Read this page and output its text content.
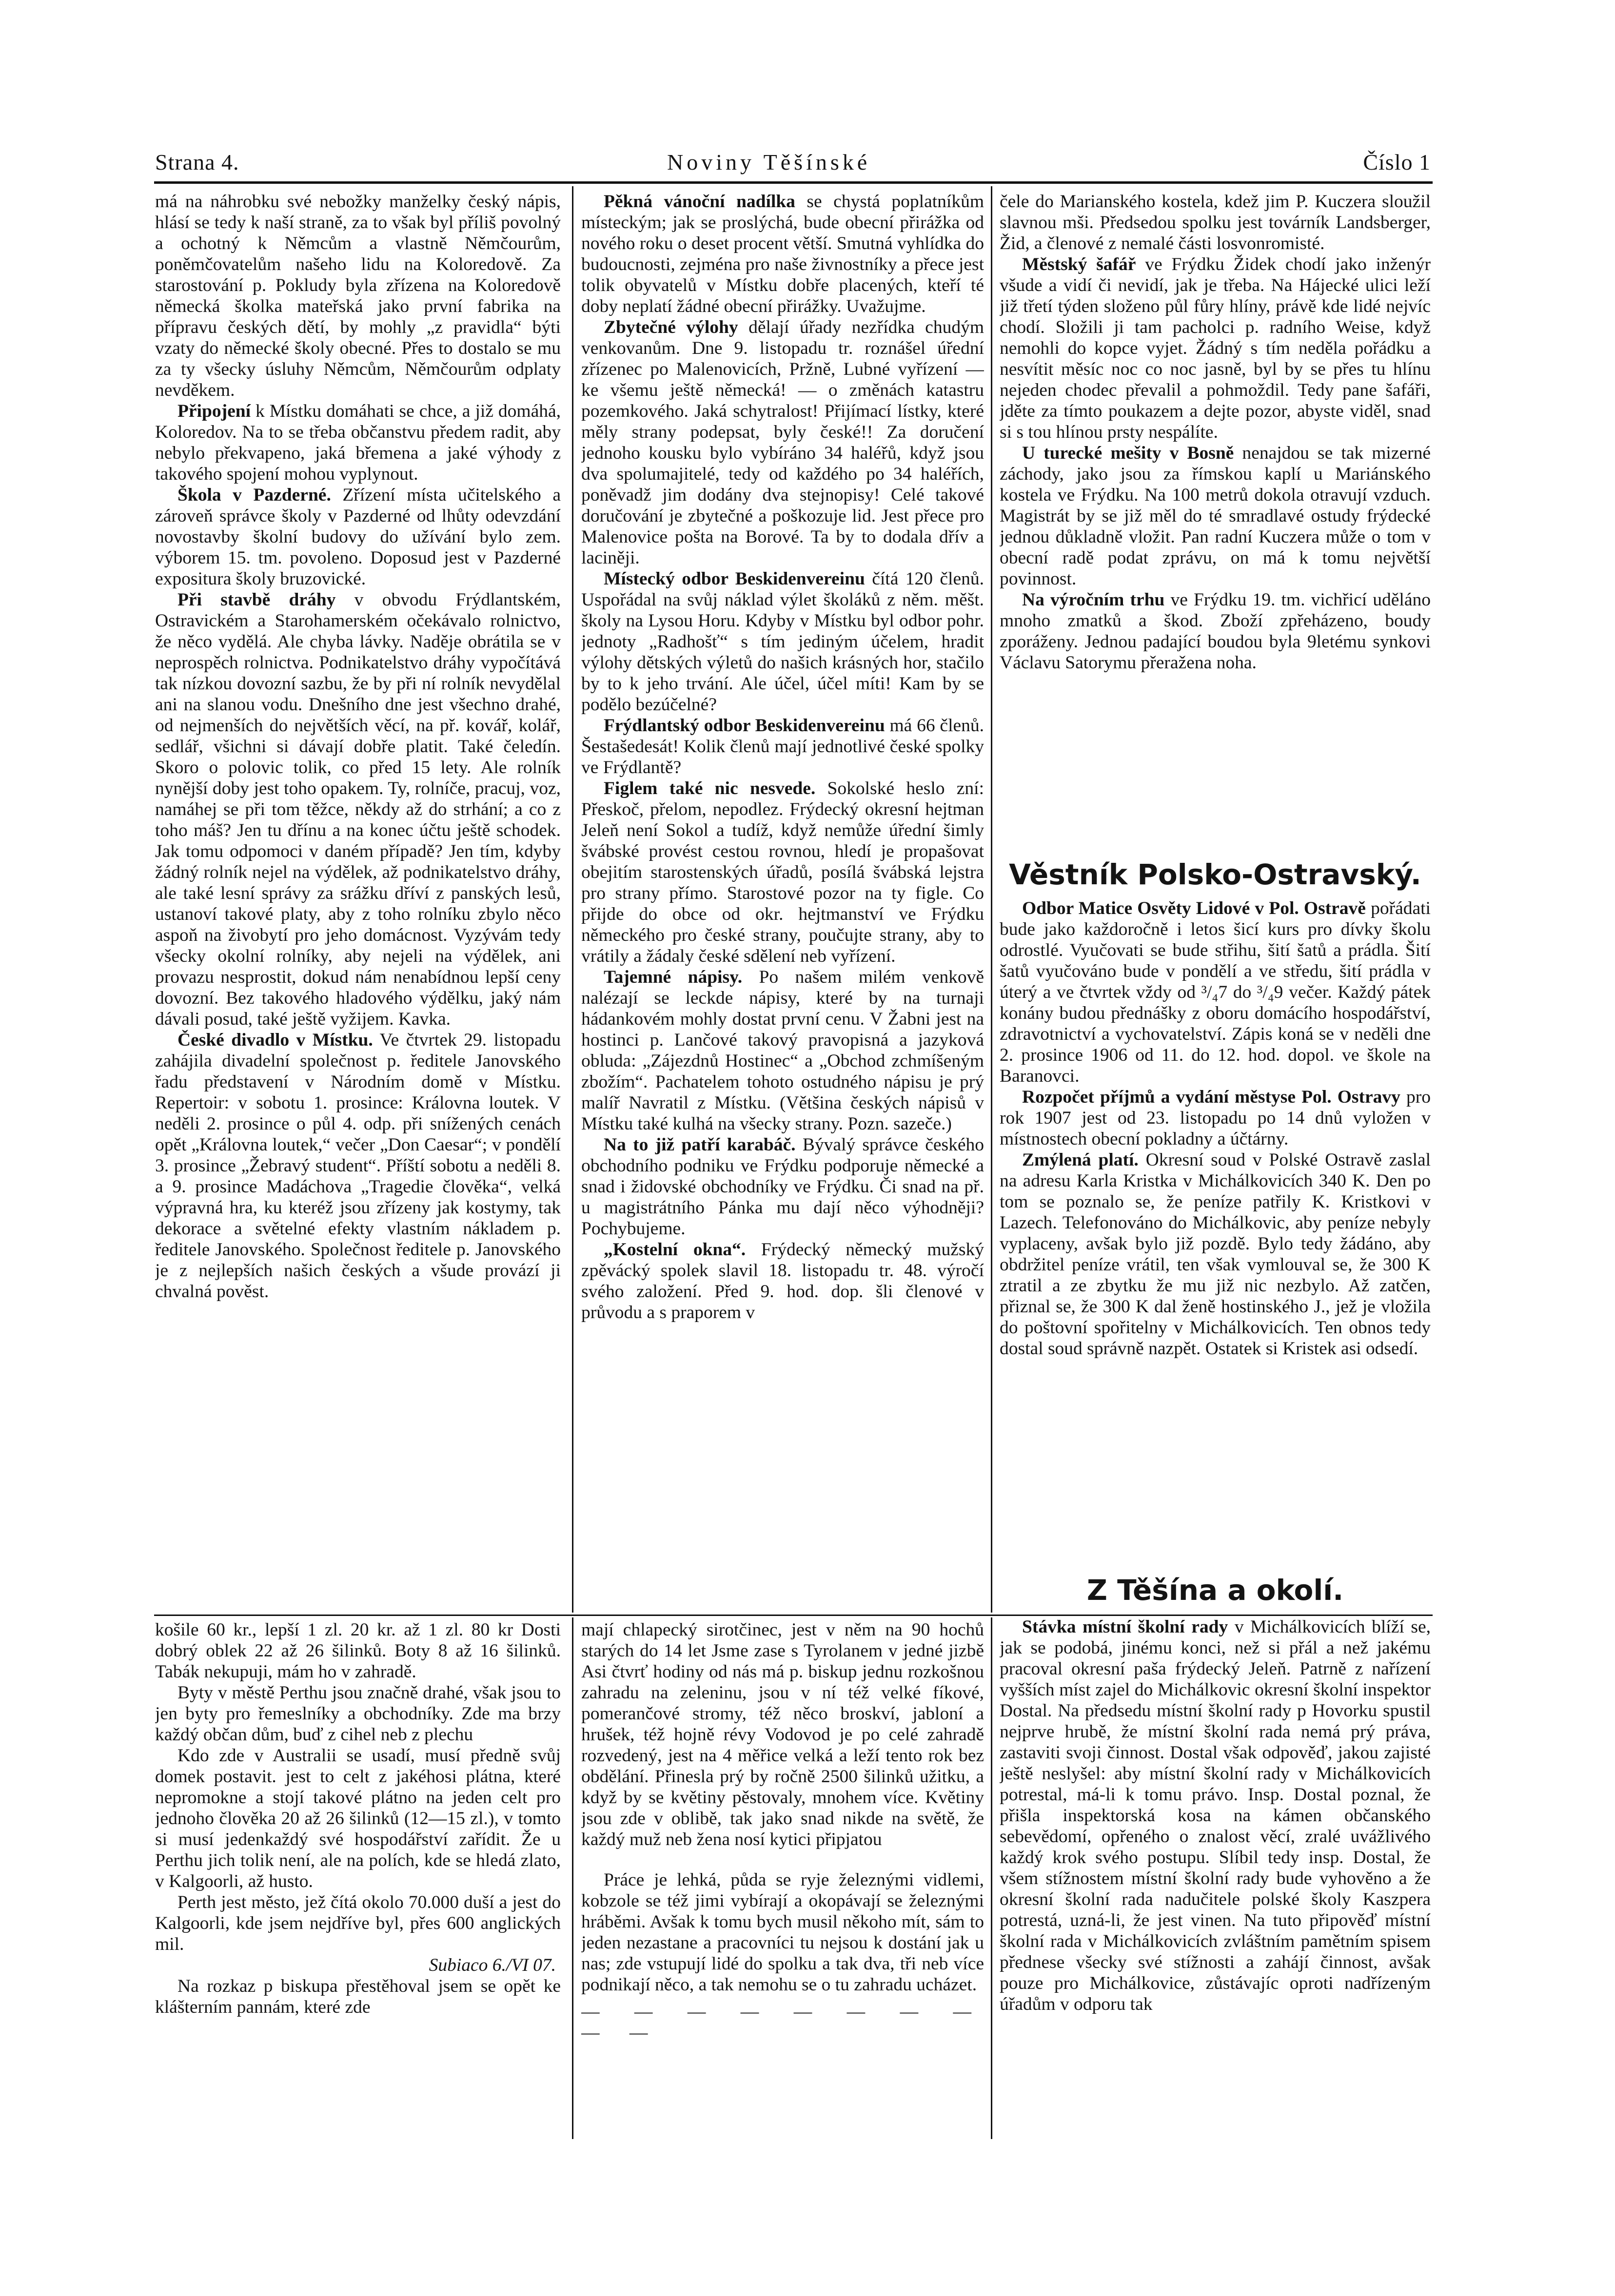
Strana 4.	Noviny Těšínské	Číslo 1

má na náhrobku své nebožky manželky český nápis, hlásí se tedy k naší straně, za to však byl příliš povolný a ochotný k Němcům a vlastně Němčourům, poněmčovatelům našeho lidu na Koloredově. Za starostování p. Pokludy byla zřízena na Koloredově německá školka mateřská jako první fabrika na přípravu českých dětí, by mohly „z pravidla“ býti vzaty do německé školy obecné. Přes to dostalo se mu za ty všecky úsluhy Němcům, Němčourům odplaty nevděkem.

Připojení k Místku domáhati se chce, a již domáhá, Koloredov. Na to se třeba občanstvu předem radit, aby nebylo překvapeno, jaká břemena a jaké výhody z takového spojení mohou vyplynout.

Škola v Pazderné. Zřízení místa učitelského a zároveň správce školy v Pazderné od lhůty odevzdání novostavby školní budovy do užívání bylo zem. výborem 15. tm. povoleno. Doposud jest v Pazderné expositura školy bruzovické.

Při stavbě dráhy v obvodu Frýdlantském, Ostravickém a Starohamerském očekávalo rolnictvo, že něco vydělá. Ale chyba lávky. Naděje obrátila se v neprospěch rolnictva. Podnikatelstvo dráhy vypočítává tak nízkou dovozní sazbu, že by při ní rolník nevydělal ani na slanou vodu. Dnešního dne jest všechno drahé, od nejmenších do největších věcí, na př. kovář, kolář, sedlář, všichni si dávají dobře platit. Také čeledín. Skoro o polovic tolik, co před 15 lety. Ale rolník nynější doby jest toho opakem. Ty, rolníče, pracuj, voz, namáhej se při tom těžce, někdy až do strhání; a co z toho máš? Jen tu dřínu a na konec účtu ještě schodek. Jak tomu odpomoci v daném případě? Jen tím, kdyby žádný rolník nejel na výdělek, až podnikatelstvo dráhy, ale také lesní správy za srážku dříví z panských lesů, ustanoví takové platy, aby z toho rolníku zbylo něco aspoň na živobytí pro jeho domácnost. Vyzývám tedy všecky okolní rolníky, aby nejeli na výdělek, ani provazu nesprostit, dokud nám nenabídnou lepší ceny dovozní. Bez takového hladového výdělku, jaký nám dávali posud, také ještě vyžijem. Kavka.

České divadlo v Místku. Ve čtvrtek 29. listopadu zahájila divadelní společnost p. ředitele Janovského řadu představení v Národním domě v Místku. Repertoir: v sobotu 1. prosince: Královna loutek. V neděli 2. prosince o půl 4. odp. při snížených cenách opět „Královna loutek,“ večer „Don Caesar“; v pondělí 3. prosince „Žebravý student“. Příští sobotu a neděli 8. a 9. prosince Madáchova „Tragedie člověka“, velká výpravná hra, ku kteréž jsou zřízeny jak kostymy, tak dekorace a světelné efekty vlastním nákladem p. ředitele Janovského. Společnost ředitele p. Janovského je z nejlepších našich českých a všude provází ji chvalná pověst.

Pěkná vánoční nadílka se chystá poplatníkům místeckým; jak se proslýchá, bude obecní přirážka od nového roku o deset procent větší. Smutná vyhlídka do budoucnosti, zejména pro naše živnostníky a přece jest tolik obyvatelů v Místku dobře placených, kteří té doby neplatí žádné obecní přirážky. Uvažujme.

Zbytečné výlohy dělají úřady nezřídka chudým venkovanům. Dne 9. listopadu tr. roznášel úřední zřízenec po Malenovicích, Pržně, Lubné vyřízení — ke všemu ještě německá! — o změnách katastru pozemkového. Jaká schytralost! Přijímací lístky, které měly strany podepsat, byly české!! Za doručení jednoho kousku bylo vybíráno 34 haléřů, když jsou dva spolumajitelé, tedy od každého po 34 haléřích, poněvadž jim dodány dva stejnopisy! Celé takové doručování je zbytečné a poškozuje lid. Jest přece pro Malenovice pošta na Borové. Ta by to dodala dřív a laciněji.

Místecký odbor Beskidenvereinu čítá 120 členů. Uspořádal na svůj náklad výlet školáků z něm. měšt. školy na Lysou Horu. Kdyby v Místku byl odbor pohr. jednoty „Radhošť“ s tím jediným účelem, hradit výlohy dětských výletů do našich krásných hor, stačilo by to k jeho trvání. Ale účel, účel míti! Kam by se podělo bezúčelné?

Frýdlantský odbor Beskidenvereinu má 66 členů. Šestašedesát! Kolik členů mají jednotlivé české spolky ve Frýdlantě?

Figlem také nic nesvede. Sokolské heslo zní: Přeskoč, přelom, nepodlez. Frýdecký okresní hejtman Jeleň není Sokol a tudíž, když nemůže úřední šimly švábské provést cestou rovnou, hledí je propašovat obejitím starostenských úřadů, posílá švábská lejstra pro strany přímo. Starostové pozor na ty figle. Co přijde do obce od okr. hejtmanství ve Frýdku německého pro české strany, poučujte strany, aby to vrátily a žádaly české sdělení neb vyřízení.

Tajemné nápisy. Po našem milém venkově nalézají se leckde nápisy, které by na turnaji hádankovém mohly dostat první cenu. V Žabni jest na hostinci p. Lančové takový pravopisná a jazyková obluda: „Zájezdnů Hostinec“ a „Obchod zchmíšeným zbožím“. Pachatelem tohoto ostudného nápisu je prý malíř Navratil z Místku. (Většina českých nápisů v Místku také kulhá na všecky strany. Pozn. sazeče.)

Na to již patří karabáč. Bývalý správce českého obchodního podniku ve Frýdku podporuje německé a snad i židovské obchodníky ve Frýdku. Či snad na př. u magistrátního Pánka mu dají něco výhodněji? Pochybujeme.

„Kostelní okna“. Frýdecký německý mužský zpěvácký spolek slavil 18. listopadu tr. 48. výročí svého založení. Před 9. hod. dop. šli členové v průvodu a s praporem v

čele do Marianského kostela, kdež jim P. Kuczera sloužil slavnou mši. Předsedou spolku jest továrník Landsberger, Žid, a členové z nemalé části losvonromisté.

Městský šafář ve Frýdku Židek chodí jako inženýr všude a vidí či nevidí, jak je třeba. Na Hájecké ulici leží již třetí týden složeno půl fůry hlíny, právě kde lidé nejvíc chodí. Složili ji tam pacholci p. radního Weise, když nemohli do kopce vyjet. Žádný s tím neděla pořádku a nesvítit měsíc noc co noc jasně, byl by se přes tu hlínu nejeden chodec převalil a pohmoždil. Tedy pane šafáři, jděte za tímto poukazem a dejte pozor, abyste viděl, snad si s tou hlínou prsty nespálíte.

U turecké mešity v Bosně nenajdou se tak mizerné záchody, jako jsou za římskou kaplí u Mariánského kostela ve Frýdku. Na 100 metrů dokola otravují vzduch. Magistrát by se již měl do té smradlavé ostudy frýdecké jednou důkladně vložit. Pan radní Kuczera může o tom v obecní radě podat zprávu, on má k tomu největší povinnost.

Na výročním trhu ve Frýdku 19. tm. vichřicí uděláno mnoho zmatků a škod. Zboží zpřeházeno, boudy zporáženy. Jednou padající boudou byla 9letému synkovi Václavu Satorymu přeražena noha.

Věstník Polsko-Ostravský.

Odbor Matice Osvěty Lidové v Pol. Ostravě pořádati bude jako každoročně i letos šicí kurs pro dívky školu odrostlé. Vyučovati se bude střihu, šití šatů a prádla. Šití šatů vyučováno bude v pondělí a ve středu, šití prádla v úterý a ve čtvrtek vždy od ³/₄7 do ³/₄9 večer. Každý pátek konány budou přednášky z oboru domácího hospodářství, zdravotnictví a vychovatelství. Zápis koná se v neděli dne 2. prosince 1906 od 11. do 12. hod. dopol. ve škole na Baranovci.

Rozpočet příjmů a vydání městyse Pol. Ostravy pro rok 1907 jest od 23. listopadu po 14 dnů vyložen v místnostech obecní pokladny a účtárny.

Zmýlená platí. Okresní soud v Polské Ostravě zaslal na adresu Karla Kristka v Michálkovicích 340 K. Den po tom se poznalo se, že peníze patřily K. Kristkovi v Lazech. Telefonováno do Michálkovic, aby peníze nebyly vyplaceny, avšak bylo již pozdě. Bylo tedy žádáno, aby obdržitel peníze vrátil, ten však vymlouval se, že 300 K ztratil a ze zbytku že mu již nic nezbylo. Až zatčen, přiznal se, že 300 K dal ženě hostinského J., jež je vložila do poštovní spořitelny v Michálkovicích. Ten obnos tedy dostal soud správně nazpět. Ostatek si Kristek asi odsedí.

Z Těšína a okolí.

Stávka místní školní rady v Michálkovicích blíží se, jak se podobá, jinému konci, než si přál a než jakému pracoval okresní paša frýdecký Jeleň. Patrně z nařízení vyšších míst zajel do Michálkovic okresní školní inspektor Dostal. Na předsedu místní školní rady p Hovorku spustil nejprve hrubě, že místní školní rada nemá prý práva, zastaviti svoji činnost. Dostal však odpověď, jakou zajisté ještě neslyšel: aby místní školní rady v Michálkovicích potrestal, má-li k tomu právo. Insp. Dostal poznal, že přišla inspektorská kosa na kámen občanského sebevědomí, opřeného o znalost věcí, zralé uvážlivého každý krok svého postupu. Slíbil tedy insp. Dostal, že všem stížnostem místní školní rady bude vyhověno a že okresní školní rada nadučitele polské školy Kaszpera potrestá, uzná-li, že jest vinen. Na tuto připověď místní školní rada v Michálkovicích zvláštním pamětním spisem přednese všecky své stížnosti a zahájí činnost, avšak pouze pro Michálkovice, zůstávajíc oproti nadřízeným úřadům v odporu tak

košile 60 kr., lepší 1 zl. 20 kr. až 1 zl. 80 kr Dosti dobrý oblek 22 až 26 šilinků. Boty 8 až 16 šilinků. Tabák nekupuji, mám ho v zahradě.

Byty v městě Perthu jsou značně drahé, však jsou to jen byty pro řemeslníky a obchodníky. Zde ma brzy každý občan dům, buď z cihel neb z plechu

Kdo zde v Australii se usadí, musí předně svůj domek postavit. jest to celt z jakéhosi plátna, které nepromokne a stojí takové plátno na jeden celt pro jednoho člověka 20 až 26 šilinků (12—15 zl.), v tomto si musí jedenkaždý své hospodářství zařídit. Že u Perthu jich tolik není, ale na polích, kde se hledá zlato, v Kalgoorli, až husto.

Perth jest město, jež čítá okolo 70.000 duší a jest do Kalgoorli, kde jsem nejdříve byl, přes 600 anglických mil.

Subiaco 6./VI 07.

Na rozkaz p biskupa přestěhoval jsem se opět ke klášterním pannám, které zde

mají chlapecký sirotčinec, jest v něm na 90 hochů starých do 14 let Jsme zase s Tyrolanem v jedné jizbě Asi čtvrť hodiny od nás má p. biskup jednu rozkošnou zahradu na zeleninu, jsou v ní též velké fíkové, pomerančové stromy, též něco broskví, jabloní a hrušek, též hojně révy Vodovod je po celé zahradě rozvedený, jest na 4 měřice velká a leží tento rok bez obdělání. Přinesla prý by ročně 2500 šilinků užitku, a když by se květiny pěstovaly, mnohem více. Květiny jsou zde v oblibě, tak jako snad nikde na světě, že každý muž neb žena nosí kytici připjatou

Práce je lehká, půda se ryje železnými vidlemi, kobzole se též jimi vybírají a okopávají se železnými hráběmi. Avšak k tomu bych musil někoho mít, sám to jeden nezastane a pracovníci tu nejsou k dostání jak u nas; zde vstupují lidé do spolku a tak dva, tři neb více podnikají něco, a tak nemohu se o tu zahradu ucházet.

— — — — — — — — — —
